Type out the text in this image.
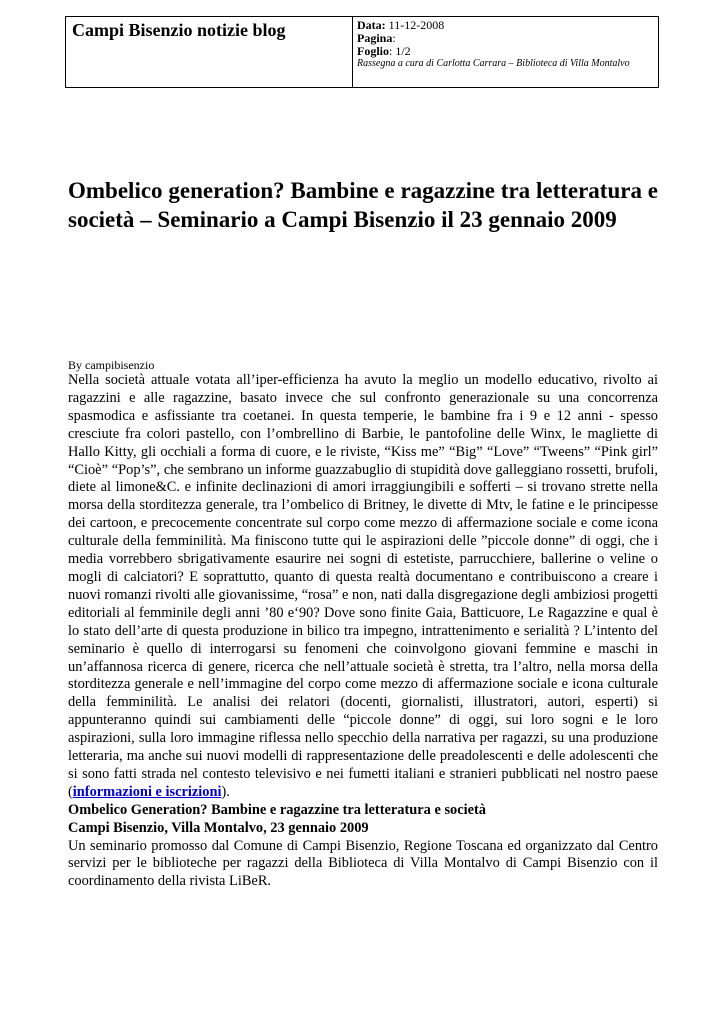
Campi Bisenzio notizie blog	Data: 11-12-2008
Pagina:
Foglio: 1/2
Rassegna a cura di Carlotta Carrara – Biblioteca di Villa Montalvo
Ombelico generation? Bambine e ragazzine tra letteratura e società – Seminario a Campi Bisenzio il 23 gennaio 2009
By campibisenzio
Nella società attuale votata all’iper-efficienza ha avuto la meglio un modello educativo, rivolto ai ragazzini e alle ragazzine, basato invece che sul confronto generazionale su una concorrenza spasmodica e asfissiante tra coetanei. In questa temperie, le bambine fra i 9 e 12 anni - spesso cresciute fra colori pastello, con l’ombrellino di Barbie, le pantofoline delle Winx, le magliette di Hallo Kitty, gli occhiali a forma di cuore, e le riviste, “Kiss me” “Big” “Love” “Tweens” “Pink girl” “Cioè” “Pop’s”, che sembrano un informe guazzabuglio di stupidità dove galleggiano rossetti, brufoli, diete al limone&C. e infinite declinazioni di amori irraggiungibili e sofferti – si trovano strette nella morsa della storditezza generale, tra l’ombelico di Britney, le divette di Mtv, le fatine e le principesse dei cartoon, e precocemente concentrate sul corpo come mezzo di affermazione sociale e come icona culturale della femminilità. Ma finiscono tutte qui le aspirazioni delle ”piccole donne” di oggi, che i media vorrebbero sbrigativamente esaurire nei sogni di estetiste, parrucchiere, ballerine o veline o mogli di calciatori? E soprattutto, quanto di questa realtà documentano e contribuiscono a creare i nuovi romanzi rivolti alle giovanissime, “rosa” e non, nati dalla disgregazione degli ambiziosi progetti editoriali al femminile degli anni ’80 e‘90? Dove sono finite Gaia, Batticuore, Le Ragazzine e qual è lo stato dell’arte di questa produzione in bilico tra impegno, intrattenimento e serialità ? L’intento del seminario è quello di interrogarsi su fenomeni che coinvolgono giovani femmine e maschi in un’affannosa ricerca di genere, ricerca che nell’attuale società è stretta, tra l’altro, nella morsa della storditezza generale e nell’immagine del corpo come mezzo di affermazione sociale e icona culturale della femminilità. Le analisi dei relatori (docenti, giornalisti, illustratori, autori, esperti) si appunteranno quindi sui cambiamenti delle “piccole donne” di oggi, sui loro sogni e le loro aspirazioni, sulla loro immagine riflessa nello specchio della narrativa per ragazzi, su una produzione letteraria, ma anche sui nuovi modelli di rappresentazione delle preadolescenti e delle adolescenti che si sono fatti strada nel contesto televisivo e nei fumetti italiani e stranieri pubblicati nel nostro paese (informazioni e iscrizioni).
Ombelico Generation? Bambine e ragazzine tra letteratura e società
Campi Bisenzio, Villa Montalvo, 23 gennaio 2009
Un seminario promosso dal Comune di Campi Bisenzio, Regione Toscana ed organizzato dal Centro servizi per le biblioteche per ragazzi della Biblioteca di Villa Montalvo di Campi Bisenzio con il coordinamento della rivista LiBeR.
